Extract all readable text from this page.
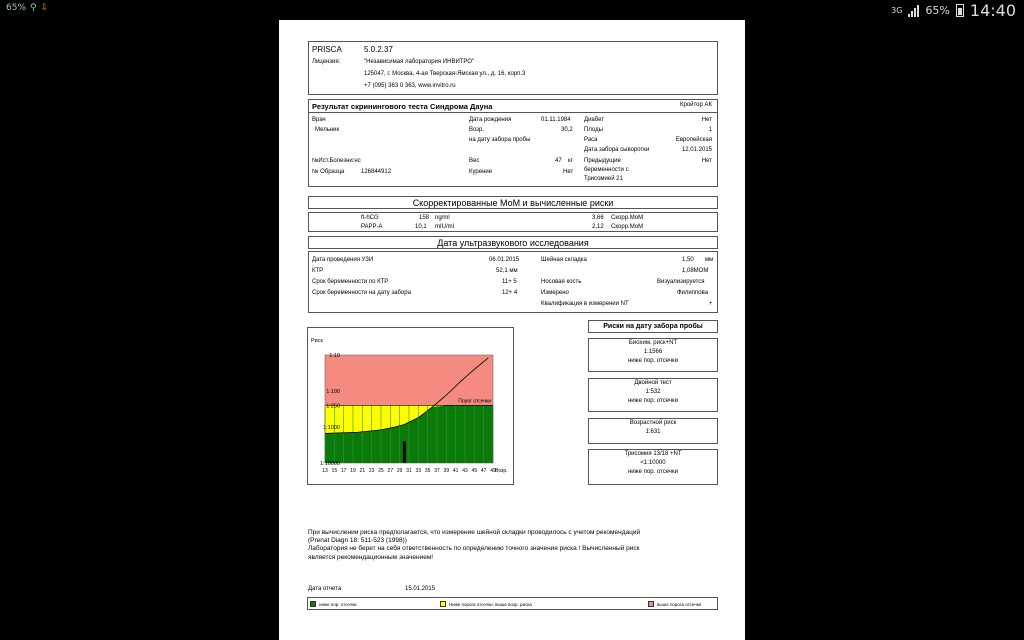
65% ⚲ ⇩	3G 65% 14:40
PRISCA	5.0.2.37
Лицензия:	"Независимая лаборатория ИНВИТРО"
125047, г. Москва, 4-ая Тверская-Ямская ул., д. 16, корп.3
+7 (095) 363 0 363, www.invitro.ru
Результат скринингового теста Синдрома Дауна	Кройтор АК
Врач
Мельник
Дата рождения	01.11.1984
Возр.	30,2
на дату забора пробы
Диабет	Нет
Плоды	1
Раса	Европейская
Дата забора сыворотки	12.01.2015
№Ист.Болезни:нс
№ Образца	126844912
Вес	47 кг
Курение	Нет
Предыдущие
беременности с
Трисомией 21
Нет
Скорректированные МоМ и вычисленные риски
ft-hCG	158 ng/ml	3,66 Скорр.МоМ
PAPP-A	10,1 mIU/ml	2,12 Скорр.МоМ
Дата ультразвукового исследования
Дата проведения УЗИ	06.01.2015
КТР	52,1 мм
Срок беременности по КТР	11+ 5
Срок беременности на дату забора	12+ 4
Шейная складка	1,50 мм
1,08МОМ
Носовая кость	Визуализируется
Измерено	Филиппова
Квалификация в измерении NT	+
Риск
1:10
1:100
1:250
1:1000
1:10000
13 15 17 19 21 23 25 27 29 31 33 35 37 39 41 43 45 47 49 Возр.
Порог отсечки
Риски на дату забора пробы
Биохим. риск+NT
1:1566
ниже пор. отсечки
Двойной тест
1:532
ниже пор. отсечки
Возрастной риск
1:631
Трисомия 13/18 +NT
<1:10000
ниже пор. отсечки
При вычислении риска предполагается, что измерение шейной складки проводилось с учетом рекомендаций
(Prenat Diagn 18: 511-523 (1998))
Лаборатория не берет на себя ответственность по определению точного значения риска ! Вычисленный риск
является рекомендационным значением!
Дата отчета	15.01.2015
ниже пор. отсечки	Ниже порога отсечки, выше возр. риска	выше порога отсечки
